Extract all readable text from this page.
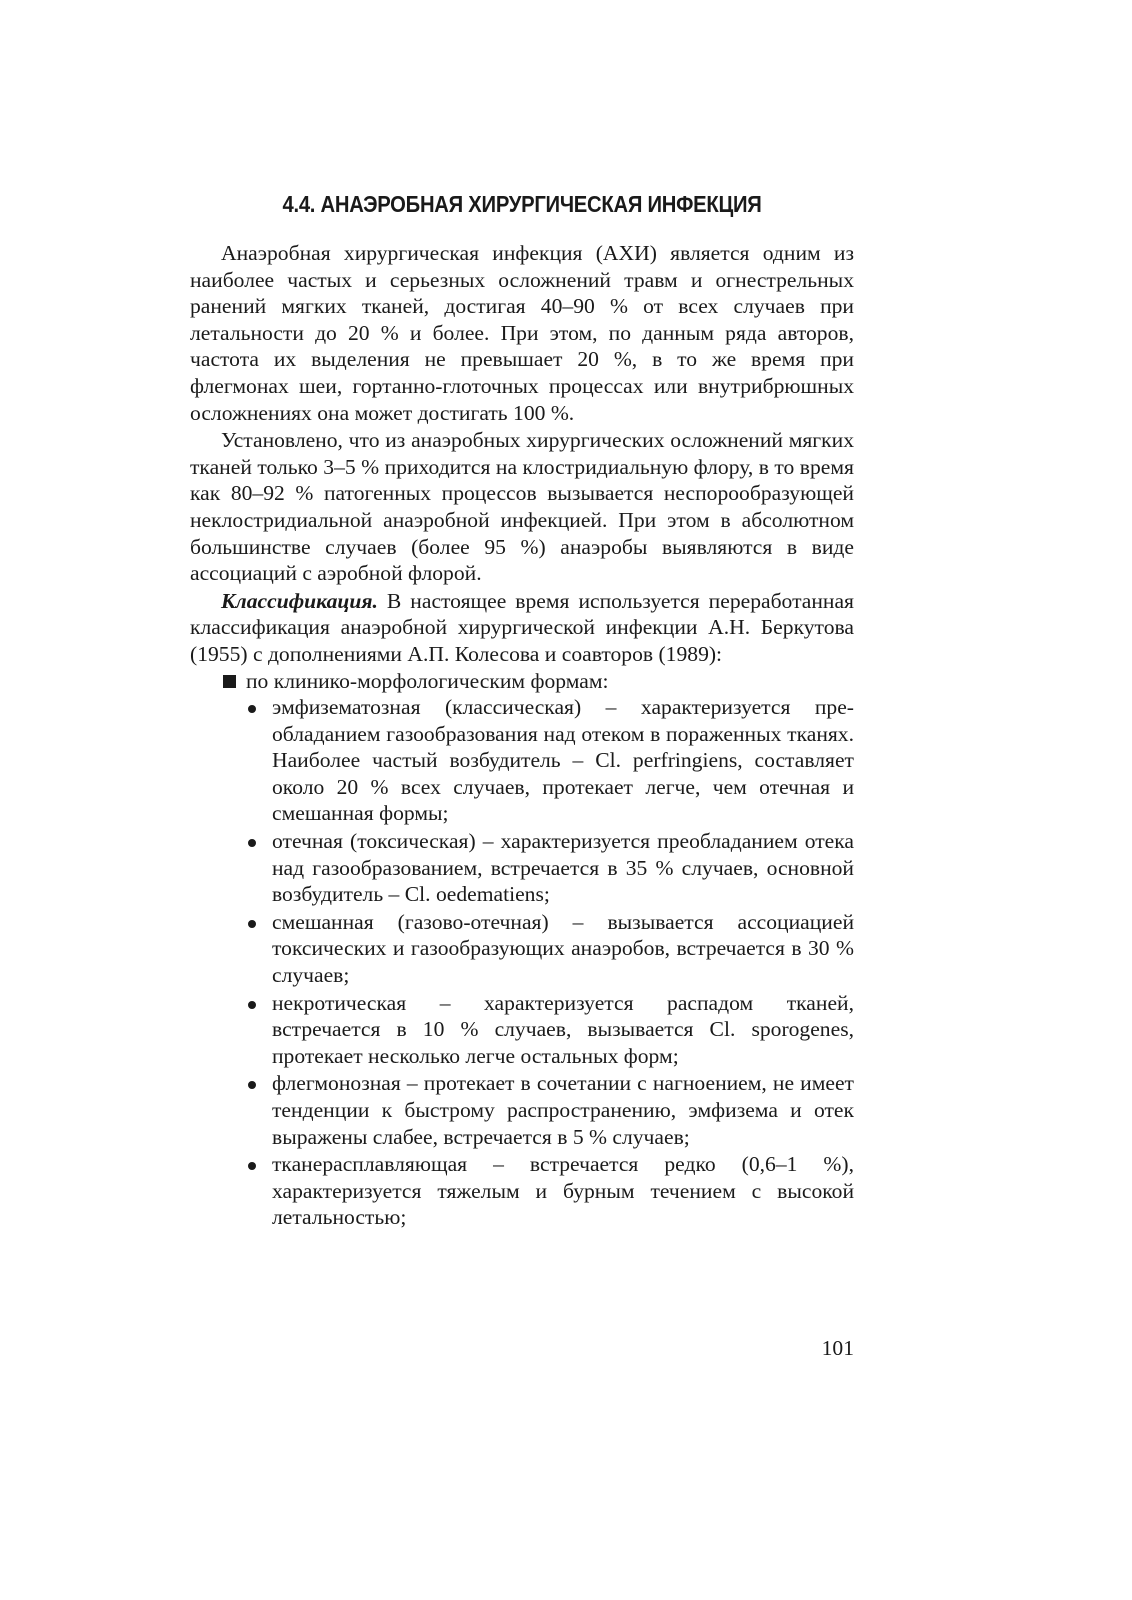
4.4. АНАЭРОБНАЯ ХИРУРГИЧЕСКАЯ ИНФЕКЦИЯ

Анаэробная хирургическая инфекция (АХИ) является одним из наиболее частых и серьезных осложнений травм и огнестрельных ранений мягких тканей, достигая 40–90 % от всех случаев при летальности до 20 % и более. При этом, по данным ряда авторов, частота их выделения не превышает 20 %, в то же время при флегмонах шеи, гортанно-глоточных процессах или внутрибрюшных осложнениях она может достигать 100 %.

Установлено, что из анаэробных хирургических осложнений мягких тканей только 3–5 % приходится на клостридиальную флору, в то время как 80–92 % патогенных процессов вызывается неспорообразующей неклостридиальной анаэробной инфекцией. При этом в абсолютном большинстве случаев (более 95 %) анаэробы выявляются в виде ассоциаций с аэробной флорой.

Классификация. В настоящее время используется переработанная классификация анаэробной хирургической инфекции А.Н. Беркутова (1955) с дополнениями А.П. Колесова и соавторов (1989):

по клинико-морфологическим формам:
эмфизематозная (классическая) – характеризуется преобладанием газообразования над отеком в пораженных тканях. Наиболее частый возбудитель – Cl. perfringiens, составляет около 20 % всех случаев, протекает легче, чем отечная и смешанная формы;
отечная (токсическая) – характеризуется преобладанием отека над газообразованием, встречается в 35 % случаев, основной возбудитель – Cl. oedematiens;
смешанная (газово-отечная) – вызывается ассоциацией токсических и газообразующих анаэробов, встречается в 30 % случаев;
некротическая – характеризуется распадом тканей, встречается в 10 % случаев, вызывается Cl. sporogenes, протекает несколько легче остальных форм;
флегмонозная – протекает в сочетании с нагноением, не имеет тенденции к быстрому распространению, эмфизема и отек выражены слабее, встречается в 5 % случаев;
тканерасплавляющая – встречается редко (0,6–1 %), характеризуется тяжелым и бурным течением с высокой летальностью;
101
